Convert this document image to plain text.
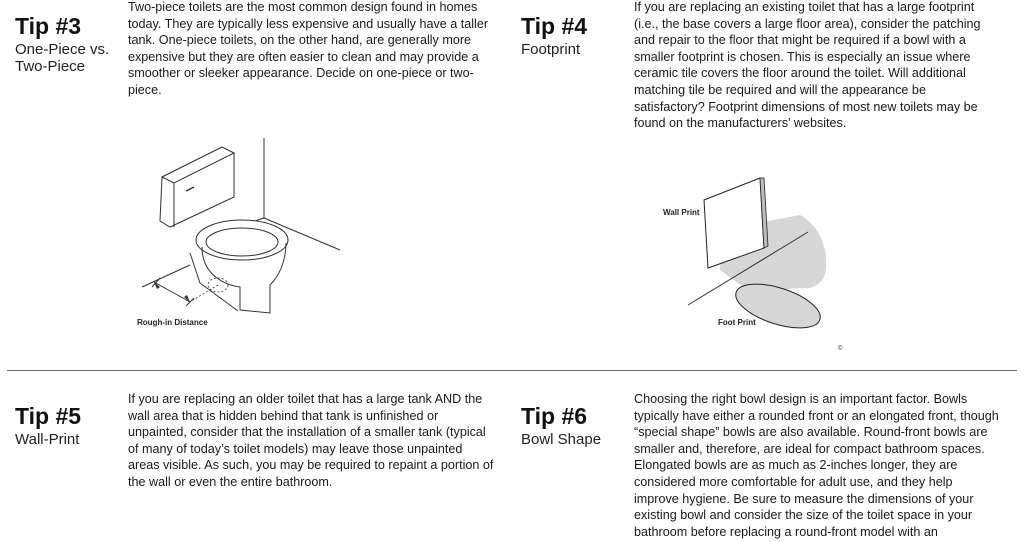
Tip #3
One-Piece vs.
Two-Piece

Two-piece toilets are the most common design found in homes today. They are typically less expensive and usually have a taller tank. One-piece toilets, on the other hand, are generally more expensive but they are often easier to clean and may provide a smoother or sleeker appearance. Decide on one-piece or two-piece.

Rough-in Distance
Tip #4
Footprint

If you are replacing an existing toilet that has a large footprint (i.e., the base covers a large floor area), consider the patching and repair to the floor that might be required if a bowl with a smaller footprint is chosen. This is especially an issue where ceramic tile covers the floor around the toilet. Will additional matching tile be required and will the appearance be satisfactory? Footprint dimensions of most new toilets may be found on the manufacturers’ websites.

Wall Print
Foot Print
©
Tip #5
Wall-Print

If you are replacing an older toilet that has a large tank AND the wall area that is hidden behind that tank is unfinished or unpainted, consider that the installation of a smaller tank (typical of many of today’s toilet models) may leave those unpainted areas visible. As such, you may be required to repaint a portion of the wall or even the entire bathroom.

Tip #6
Bowl Shape

Choosing the right bowl design is an important factor. Bowls typically have either a rounded front or an elongated front, though “special shape” bowls are also available. Round-front bowls are smaller and, therefore, are ideal for compact bathroom spaces. Elongated bowls are as much as 2-inches longer, they are considered more comfortable for adult use, and they help improve hygiene. Be sure to measure the dimensions of your existing bowl and consider the size of the toilet space in your bathroom before replacing a round-front model with an
